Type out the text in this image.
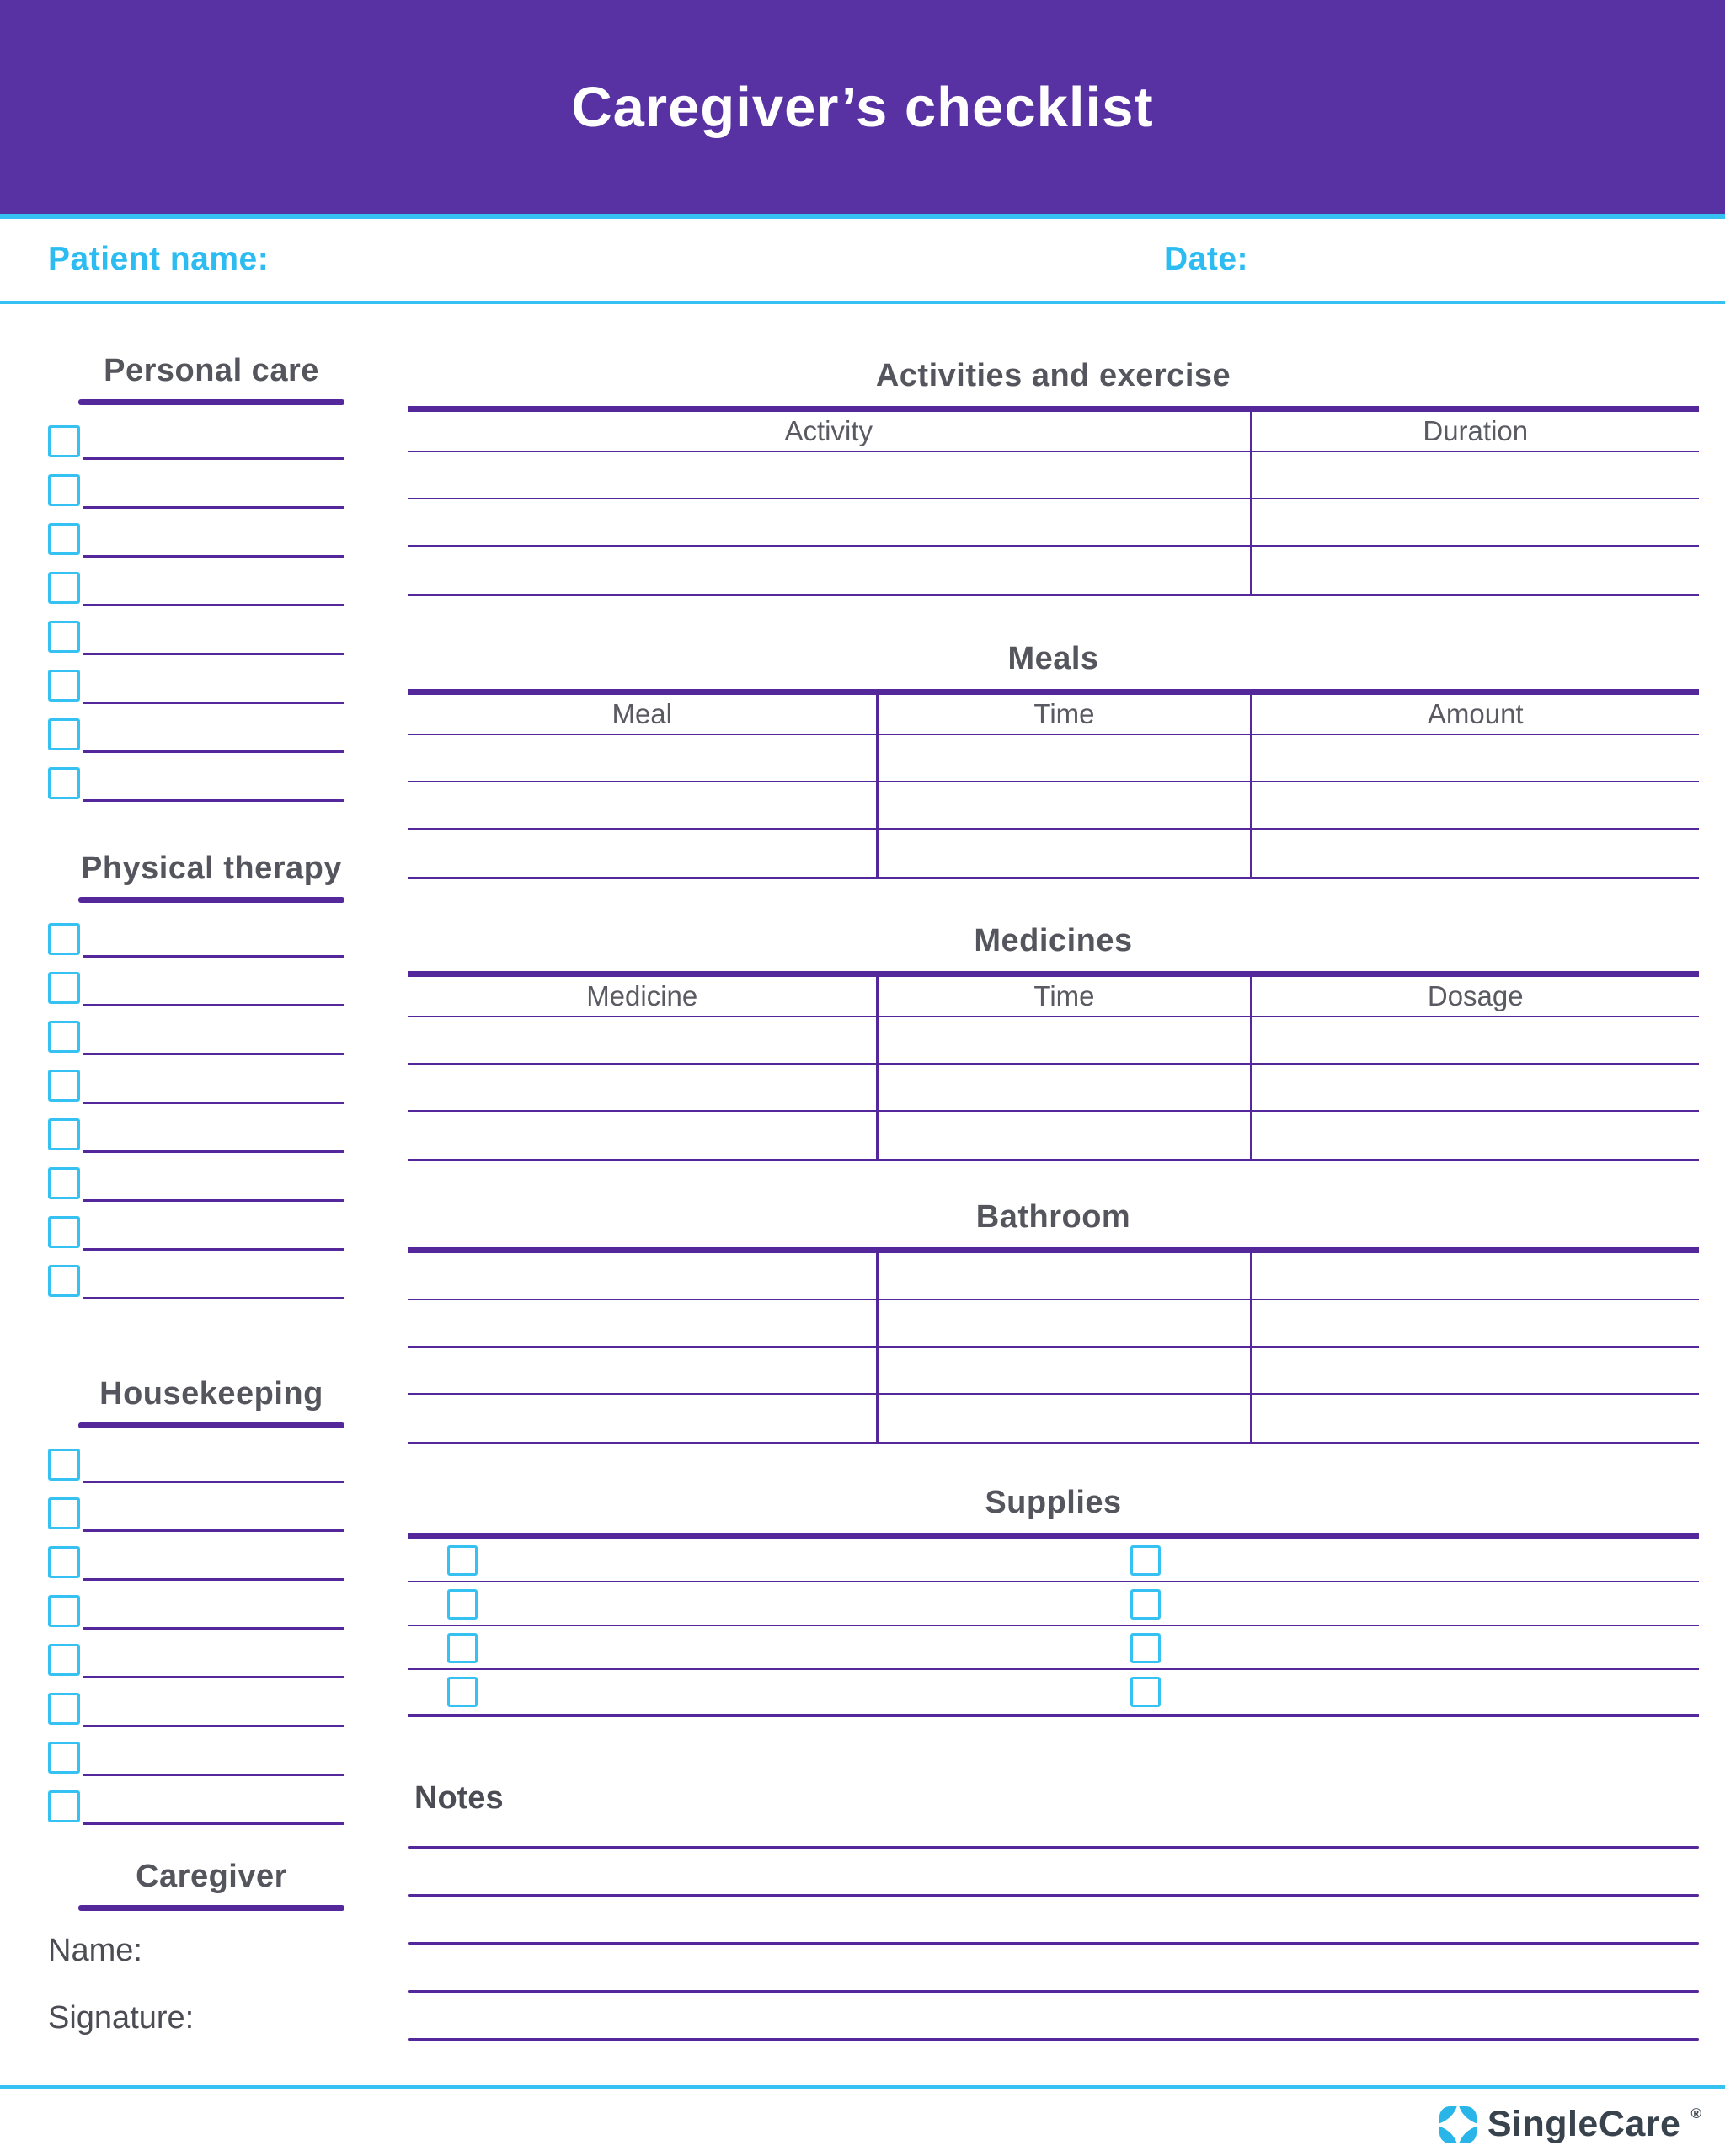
Caregiver’s checklist
Patient name:	Date:
Personal care
Physical therapy
Housekeeping
Caregiver
Name:
Signature:
Activities and exercise
Activity	Duration
Meals
Meal	Time	Amount
Medicines
Medicine	Time	Dosage
Bathroom
Supplies
Notes
SingleCare ®
